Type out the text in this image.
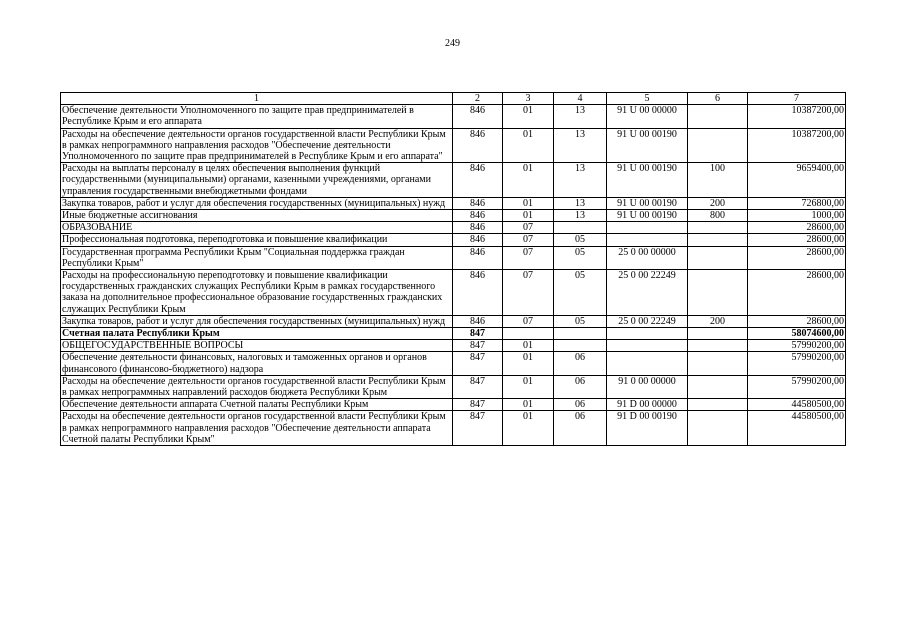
249
1	2	3	4	5	6	7
Обеспечение деятельности Уполномоченного по защите прав предпринимателей в Республике Крым и его аппарата	846	01	13	91 U 00 00000		10387200,00
Расходы на обеспечение деятельности органов государственной власти Республики Крым в рамках непрограммного направления расходов "Обеспечение деятельности Уполномоченного по защите прав предпринимателей в Республике Крым и его аппарата"	846	01	13	91 U 00 00190		10387200,00
Расходы на выплаты персоналу в целях обеспечения выполнения функций государственными (муниципальными) органами, казенными учреждениями, органами управления государственными внебюджетными фондами	846	01	13	91 U 00 00190	100	9659400,00
Закупка товаров, работ и услуг для обеспечения государственных (муниципальных) нужд	846	01	13	91 U 00 00190	200	726800,00
Иные бюджетные ассигнования	846	01	13	91 U 00 00190	800	1000,00
ОБРАЗОВАНИЕ	846	07				28600,00
Профессиональная подготовка, переподготовка и повышение квалификации	846	07	05			28600,00
Государственная программа Республики Крым "Социальная поддержка граждан Республики Крым"	846	07	05	25 0 00 00000		28600,00
Расходы на профессиональную переподготовку и повышение квалификации государственных гражданских служащих Республики Крым в рамках государственного заказа на дополнительное профессиональное образование государственных гражданских служащих Республики Крым	846	07	05	25 0 00 22249		28600,00
Закупка товаров, работ и услуг для обеспечения государственных (муниципальных) нужд	846	07	05	25 0 00 22249	200	28600,00
Счетная палата Республики Крым	847					58074600,00
ОБЩЕГОСУДАРСТВЕННЫЕ ВОПРОСЫ	847	01				57990200,00
Обеспечение деятельности финансовых, налоговых и таможенных органов и органов финансового (финансово-бюджетного) надзора	847	01	06			57990200,00
Расходы на обеспечение деятельности органов государственной власти Республики Крым в рамках непрограммных направлений расходов бюджета Республики Крым	847	01	06	91 0 00 00000		57990200,00
Обеспечение деятельности аппарата Счетной палаты Республики Крым	847	01	06	91 D 00 00000		44580500,00
Расходы на обеспечение деятельности органов государственной власти Республики Крым в рамках непрограммного направления расходов "Обеспечение деятельности аппарата Счетной палаты Республики Крым"	847	01	06	91 D 00 00190		44580500,00
